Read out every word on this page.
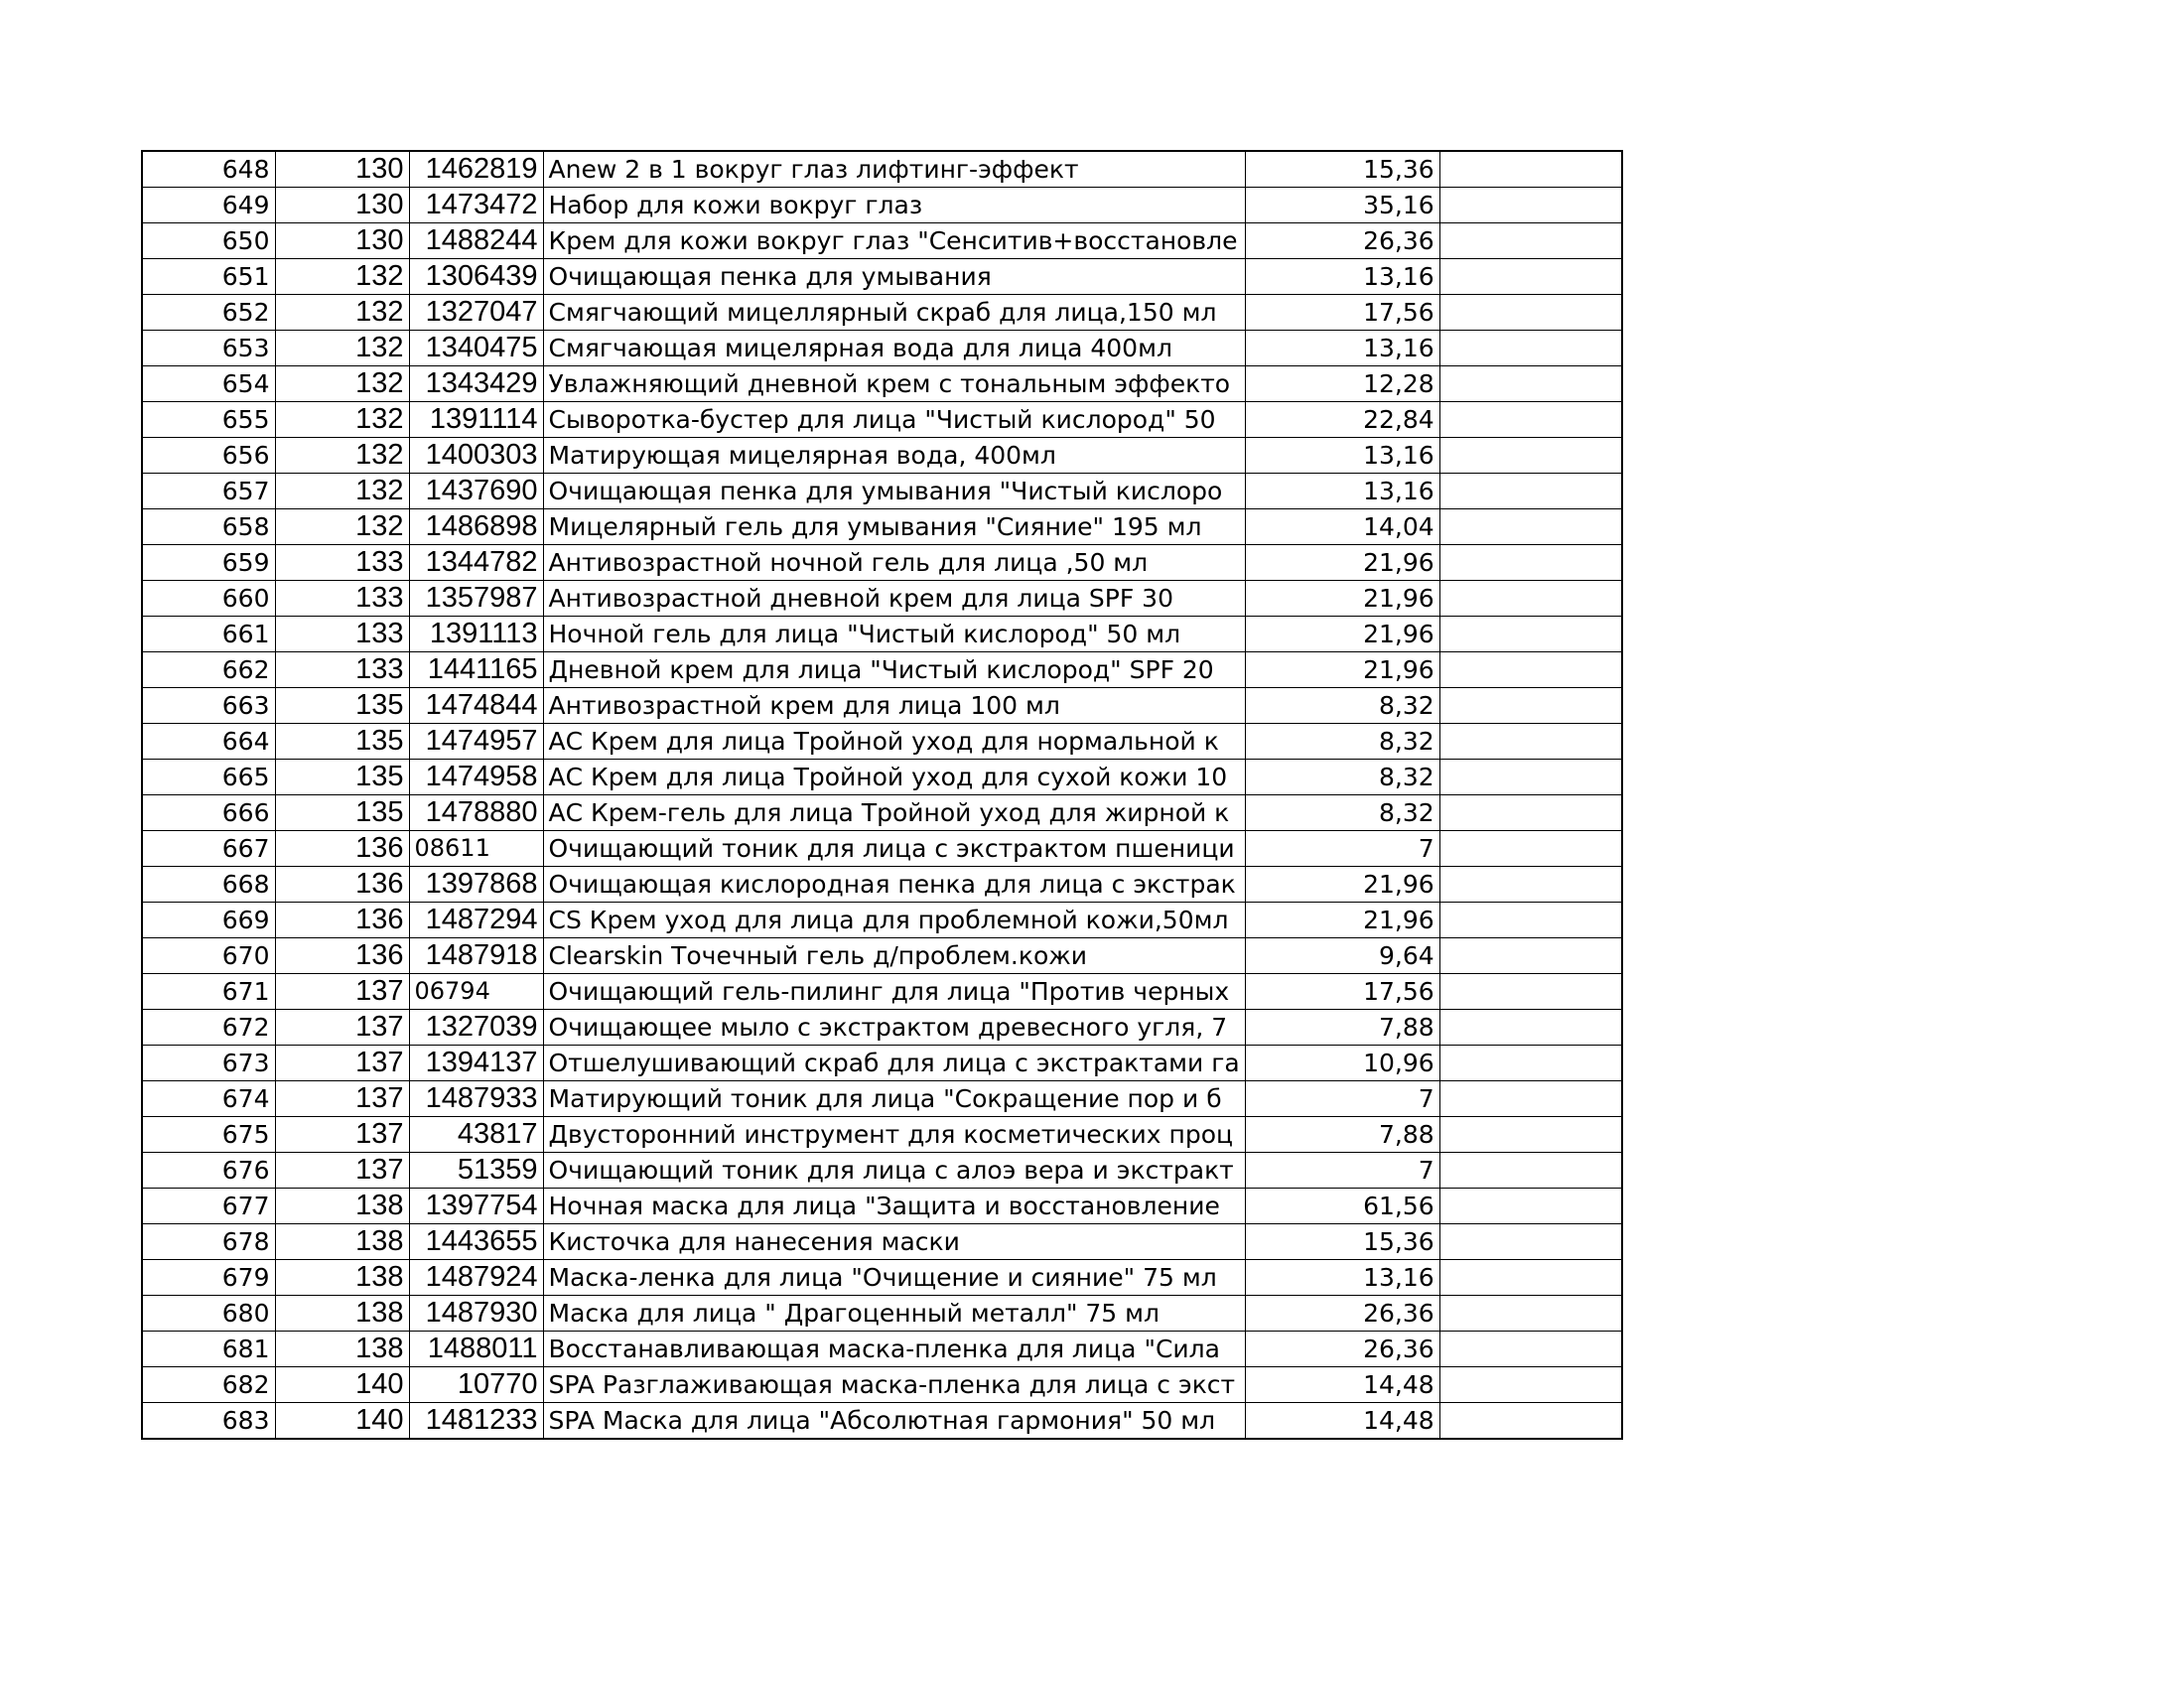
648	130	1462819	Anew 2 в 1 вокруг глаз лифтинг-эффект	15,36	
649	130	1473472	Набор для кожи вокруг глаз	35,16	
650	130	1488244	Крем для кожи вокруг глаз "Сенситив+восстановле	26,36	
651	132	1306439	Очищающая пенка для умывания	13,16	
652	132	1327047	Смягчающий мицеллярный скраб для лица,150 мл	17,56	
653	132	1340475	Смягчающая мицелярная вода для лица 400мл	13,16	
654	132	1343429	Увлажняющий дневной крем с тональным эффекто	12,28	
655	132	1391114	Сыворотка-бустер для лица "Чистый кислород" 50	22,84	
656	132	1400303	Матирующая мицелярная вода, 400мл	13,16	
657	132	1437690	Очищающая пенка для умывания "Чистый кислоро	13,16	
658	132	1486898	Мицелярный гель для умывания "Сияние" 195 мл	14,04	
659	133	1344782	Антивозрастной ночной гель для лица ,50 мл	21,96	
660	133	1357987	Антивозрастной дневной крем для лица SPF 30	21,96	
661	133	1391113	Ночной гель для лица "Чистый кислород" 50 мл	21,96	
662	133	1441165	Дневной крем для лица "Чистый кислород" SPF 20	21,96	
663	135	1474844	Антивозрастной крем для лица 100 мл	8,32	
664	135	1474957	АС Крем для лица Тройной уход для нормальной к	8,32	
665	135	1474958	АС Крем для лица Тройной уход для сухой кожи 10	8,32	
666	135	1478880	АС Крем-гель для лица Тройной уход для жирной к	8,32	
667	136	08611	Очищающий тоник для лица с экстрактом пшеници	7	
668	136	1397868	Очищающая кислородная пенка для лица с экстрак	21,96	
669	136	1487294	CS Крем уход для лица для проблемной кожи,50мл	21,96	
670	136	1487918	Clearskin Точечный гель д/проблем.кожи	9,64	
671	137	06794	Очищающий гель-пилинг для лица "Против черных	17,56	
672	137	1327039	Очищающее мыло с экстрактом древесного угля, 7	7,88	
673	137	1394137	Отшелушивающий скраб для лица с экстрактами га	10,96	
674	137	1487933	Матирующий тоник для лица "Сокращение пор и б	7	
675	137	43817	Двусторонний инструмент для косметических проц	7,88	
676	137	51359	Очищающий тоник для лица с алоэ вера и экстракт	7	
677	138	1397754	Ночная маска для лица "Защита и восстановление	61,56	
678	138	1443655	Кисточка для нанесения маски	15,36	
679	138	1487924	Маска-ленка для лица "Очищение и сияние" 75 мл	13,16	
680	138	1487930	Маска для лица " Драгоценный металл" 75 мл	26,36	
681	138	1488011	Восстанавливающая маска-пленка для лица "Сила	26,36	
682	140	10770	SPA Разглаживающая маска-пленка для лица с экст	14,48	
683	140	1481233	SPA Маска для лица "Абсолютная гармония" 50 мл	14,48	
